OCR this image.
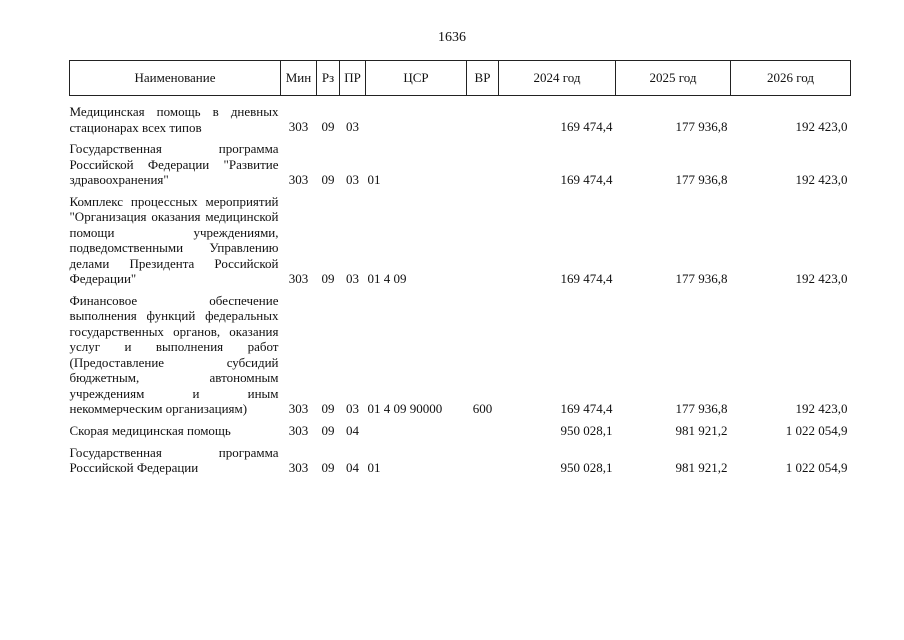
1636
Наименование	Мин	Рз	ПР	ЦСР	ВР	2024 год	2025 год	2026 год
Медицинская помощь в дневных стационарах всех типов	303	09	03			169 474,4	177 936,8	192 423,0
Государственная программа Российской Федерации "Развитие здравоохранения"	303	09	03	01		169 474,4	177 936,8	192 423,0
Комплекс процессных мероприятий "Организация оказания медицинской помощи учреждениями, подведомственными Управлению делами Президента Российской Федерации"	303	09	03	01 4 09		169 474,4	177 936,8	192 423,0
Финансовое обеспечение выполнения функций федеральных государственных органов, оказания услуг и выполнения работ (Предоставление субсидий бюджетным, автономным учреждениям и иным некоммерческим организациям)	303	09	03	01 4 09 90000	600	169 474,4	177 936,8	192 423,0
Скорая медицинская помощь	303	09	04			950 028,1	981 921,2	1 022 054,9
Государственная программа Российской Федерации	303	09	04	01		950 028,1	981 921,2	1 022 054,9
